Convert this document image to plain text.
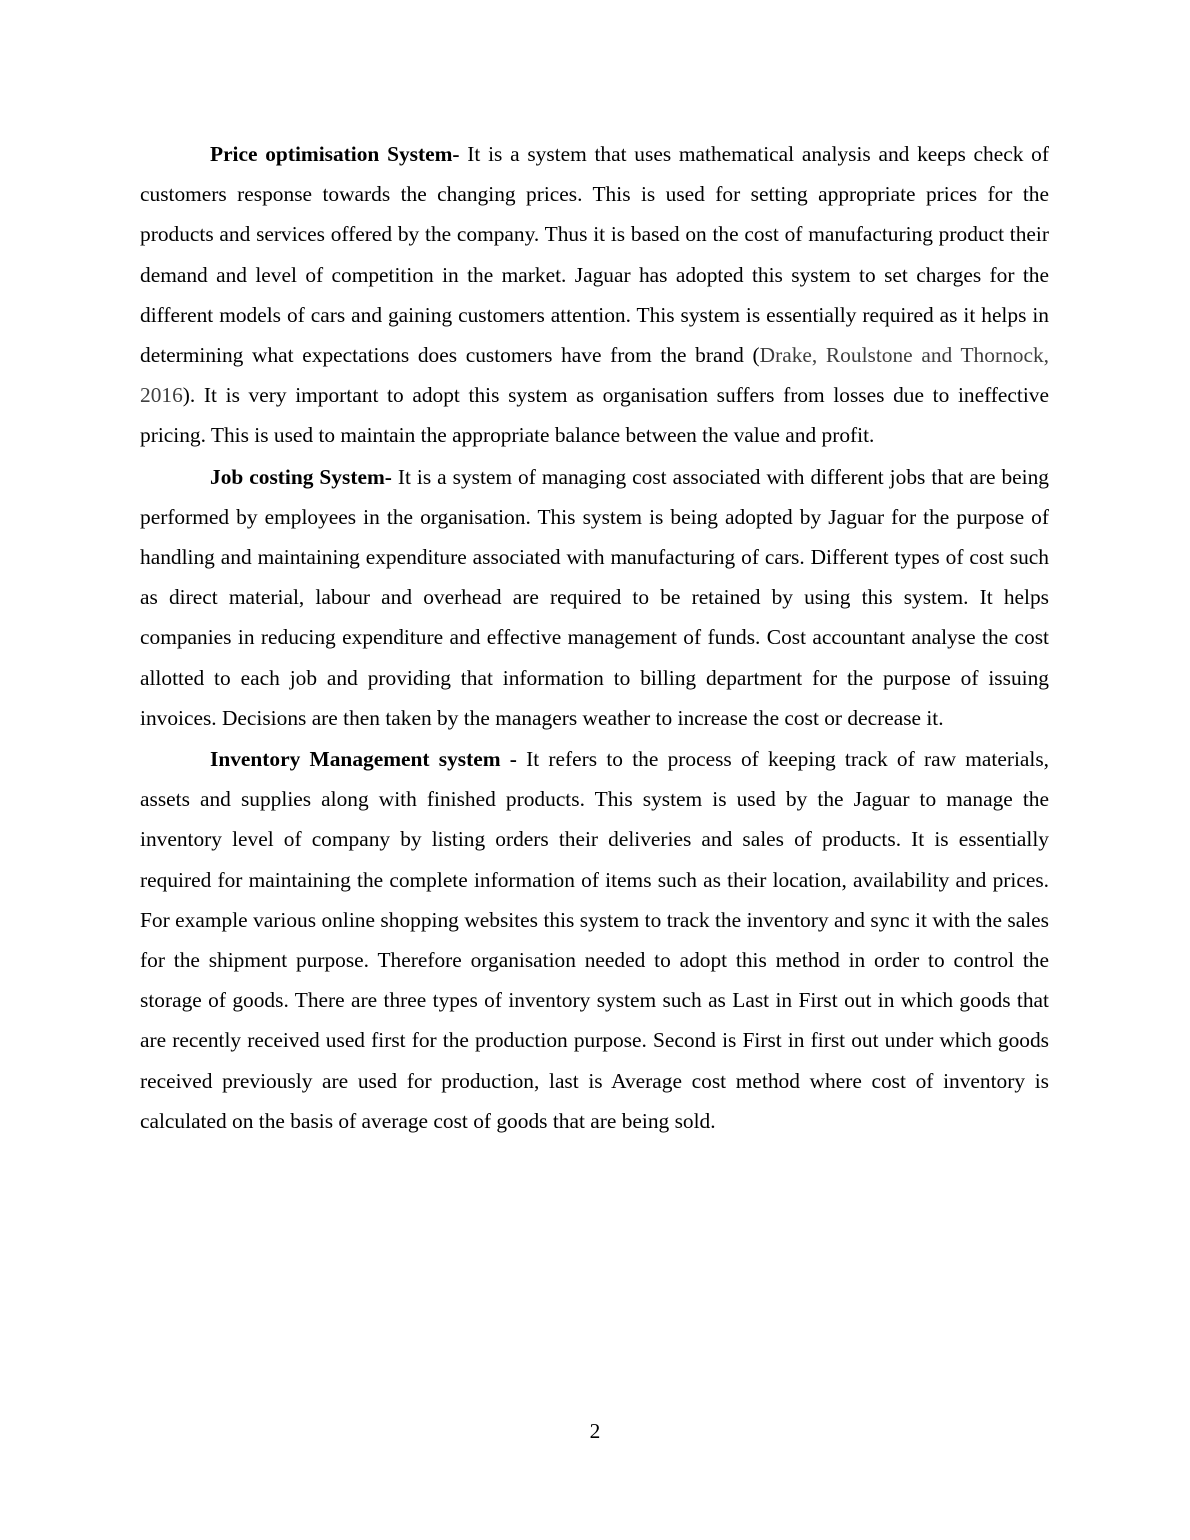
Price optimisation System- It is a system that uses mathematical analysis and keeps check of customers response towards the changing prices. This is used for setting appropriate prices for the products and services offered by the company. Thus it is based on the cost of manufacturing product their demand and level of competition in the market. Jaguar has adopted this system to set charges for the different models of cars and gaining customers attention. This system is essentially required as it helps in determining what expectations does customers have from the brand (Drake, Roulstone and Thornock, 2016). It is very important to adopt this system as organisation suffers from losses due to ineffective pricing. This is used to maintain the appropriate balance between the value and profit.

Job costing System- It is a system of managing cost associated with different jobs that are being performed by employees in the organisation. This system is being adopted by Jaguar for the purpose of handling and maintaining expenditure associated with manufacturing of cars. Different types of cost such as direct material, labour and overhead are required to be retained by using this system. It helps companies in reducing expenditure and effective management of funds. Cost accountant analyse the cost allotted to each job and providing that information to billing department for the purpose of issuing invoices. Decisions are then taken by the managers weather to increase the cost or decrease it.

Inventory Management system - It refers to the process of keeping track of raw materials, assets and supplies along with finished products. This system is used by the Jaguar to manage the inventory level of company by listing orders their deliveries and sales of products. It is essentially required for maintaining the complete information of items such as their location, availability and prices. For example various online shopping websites this system to track the inventory and sync it with the sales for the shipment purpose. Therefore organisation needed to adopt this method in order to control the storage of goods. There are three types of inventory system such as Last in First out in which goods that are recently received used first for the production purpose. Second is First in first out under which goods received previously are used for production, last is Average cost method where cost of inventory is calculated on the basis of average cost of goods that are being sold.

2
